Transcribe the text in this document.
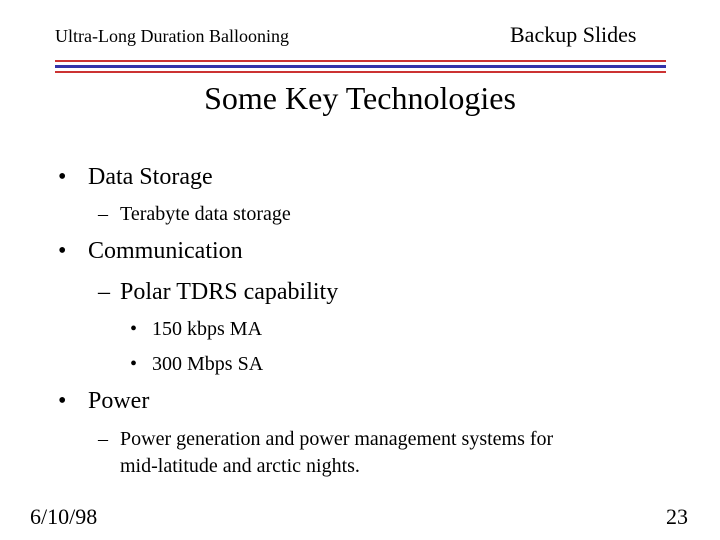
Ultra-Long Duration Ballooning	Backup Slides
Some Key Technologies
• Data Storage
– Terabyte data storage
• Communication
– Polar TDRS capability
• 150 kbps MA
• 300 Mbps SA
• Power
– Power generation and power management systems for
mid-latitude and arctic nights.
6/10/98	23
